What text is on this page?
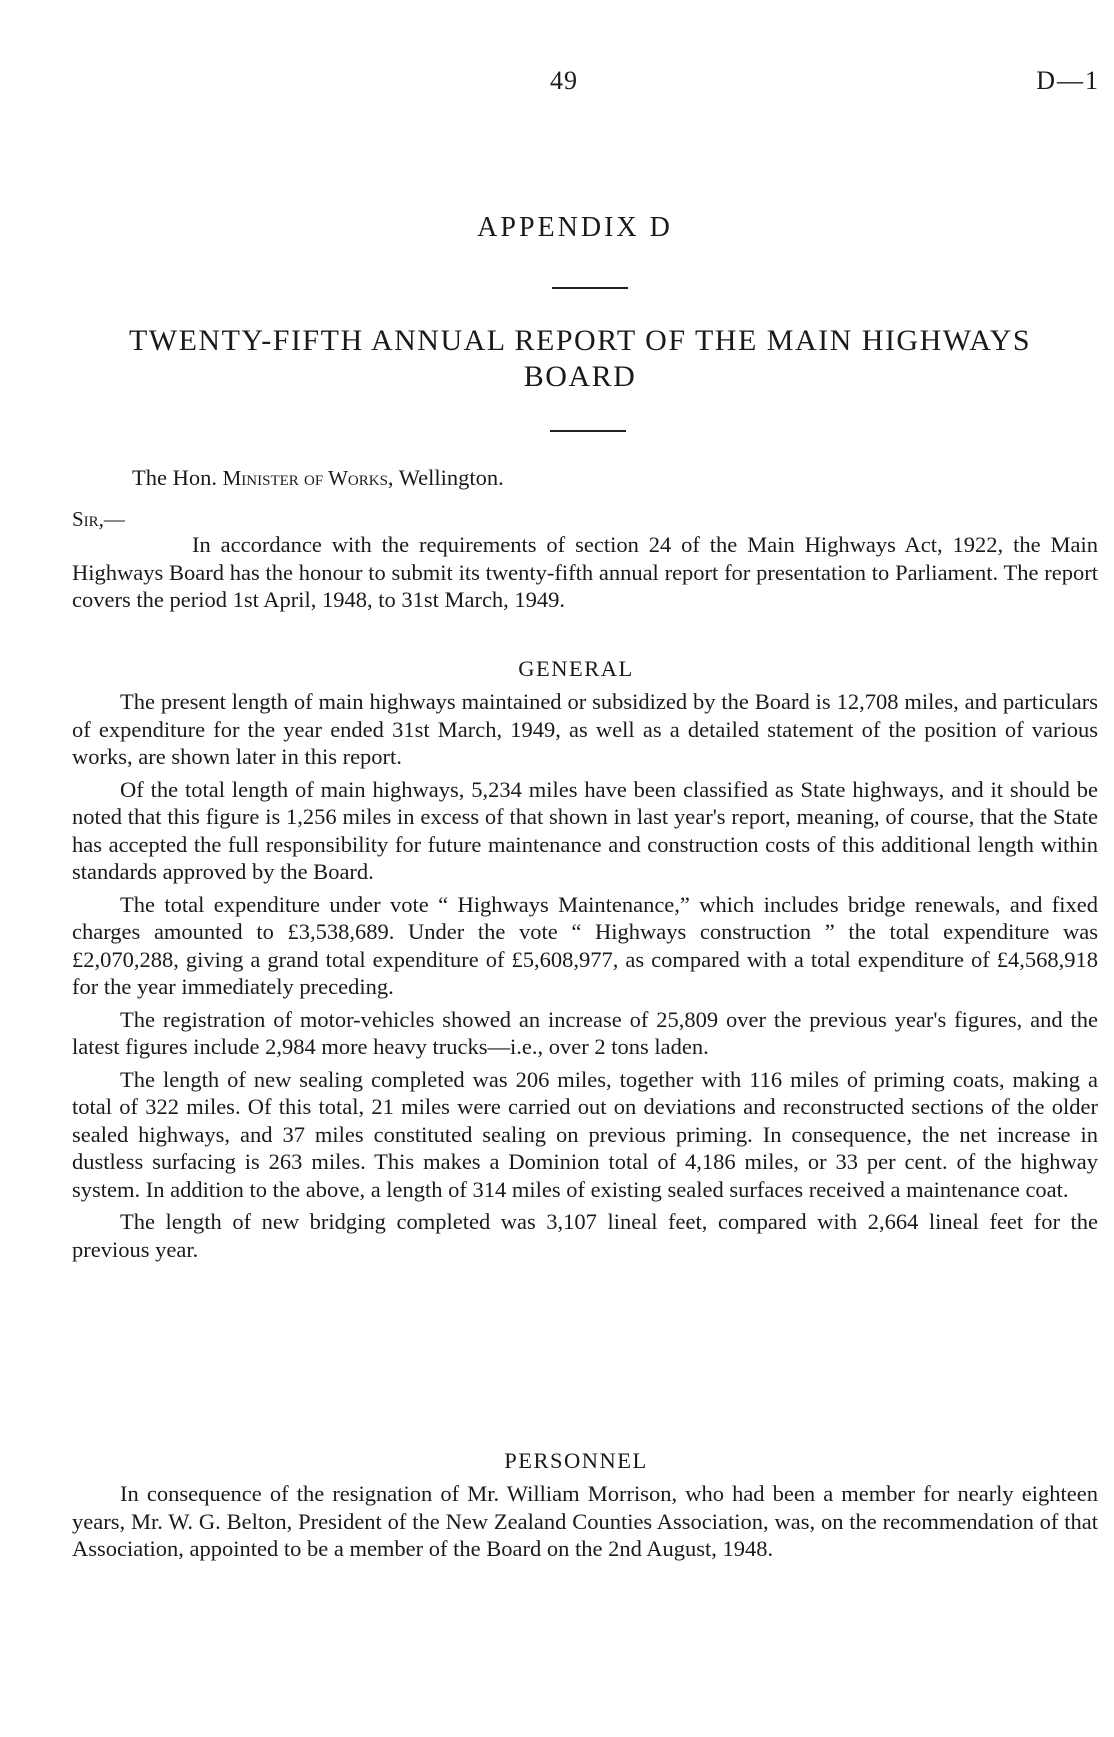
49	D—1
APPENDIX D
TWENTY-FIFTH ANNUAL REPORT OF THE MAIN HIGHWAYS BOARD
The Hon. Minister of Works, Wellington.
Sir,—

In accordance with the requirements of section 24 of the Main Highways Act, 1922, the Main Highways Board has the honour to submit its twenty-fifth annual report for presentation to Parliament. The report covers the period 1st April, 1948, to 31st March, 1949.

GENERAL

The present length of main highways maintained or subsidized by the Board is 12,708 miles, and particulars of expenditure for the year ended 31st March, 1949, as well as a detailed statement of the position of various works, are shown later in this report.

Of the total length of main highways, 5,234 miles have been classified as State highways, and it should be noted that this figure is 1,256 miles in excess of that shown in last year's report, meaning, of course, that the State has accepted the full responsibility for future maintenance and construction costs of this additional length within standards approved by the Board.

The total expenditure under vote “ Highways Maintenance,” which includes bridge renewals, and fixed charges amounted to £3,538,689. Under the vote “ Highways construction ” the total expenditure was £2,070,288, giving a grand total expenditure of £5,608,977, as compared with a total expenditure of £4,568,918 for the year immediately preceding.

The registration of motor-vehicles showed an increase of 25,809 over the previous year's figures, and the latest figures include 2,984 more heavy trucks—i.e., over 2 tons laden.

The length of new sealing completed was 206 miles, together with 116 miles of priming coats, making a total of 322 miles. Of this total, 21 miles were carried out on deviations and reconstructed sections of the older sealed highways, and 37 miles constituted sealing on previous priming. In consequence, the net increase in dustless surfacing is 263 miles. This makes a Dominion total of 4,186 miles, or 33 per cent. of the highway system. In addition to the above, a length of 314 miles of existing sealed surfaces received a maintenance coat.

The length of new bridging completed was 3,107 lineal feet, compared with 2,664 lineal feet for the previous year.

PERSONNEL

In consequence of the resignation of Mr. William Morrison, who had been a member for nearly eighteen years, Mr. W. G. Belton, President of the New Zealand Counties Association, was, on the recommendation of that Association, appointed to be a member of the Board on the 2nd August, 1948.
